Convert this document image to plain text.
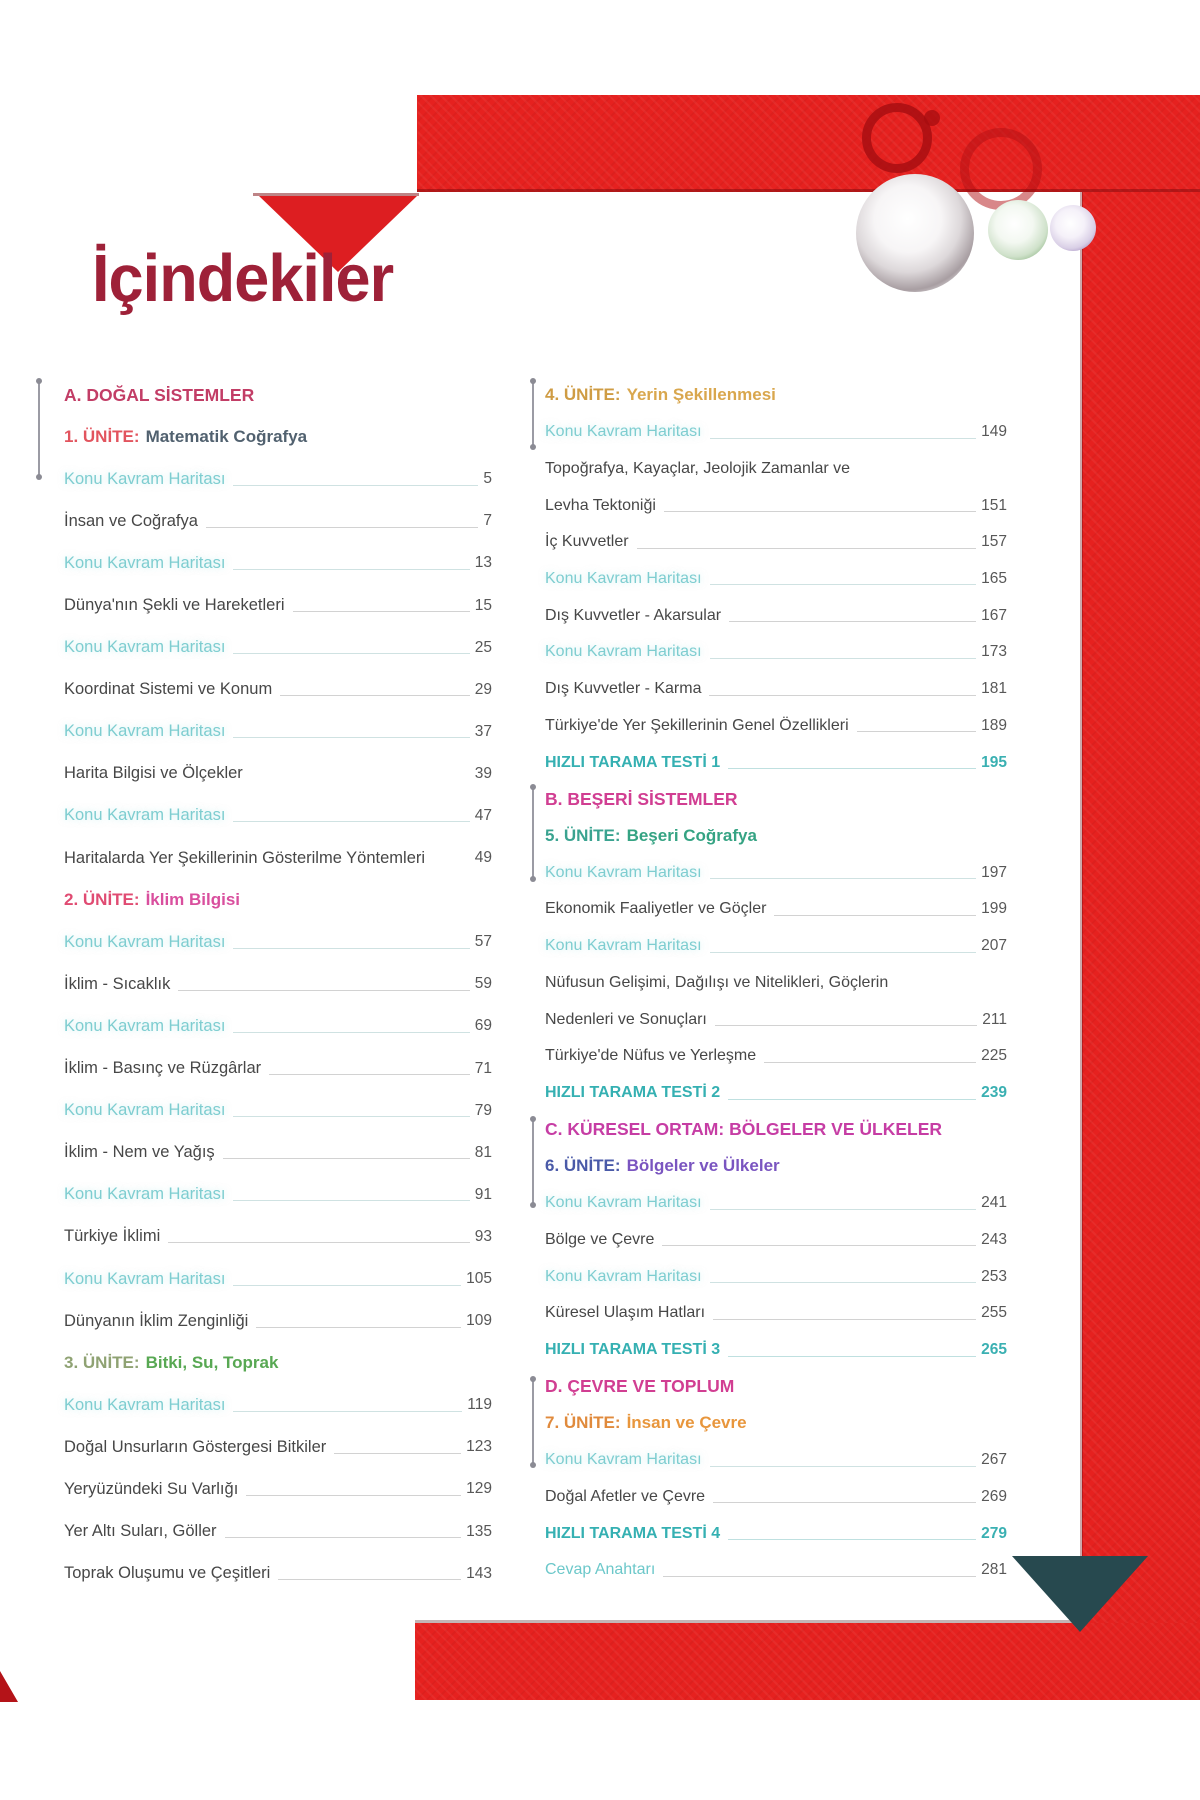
İçindekiler
A. DOĞAL SİSTEMLER
1. ÜNİTE: Matematik Coğrafya
Konu Kavram Haritası	5
İnsan ve Coğrafya	7
Konu Kavram Haritası	13
Dünya'nın Şekli ve Hareketleri	15
Konu Kavram Haritası	25
Koordinat Sistemi ve Konum	29
Konu Kavram Haritası	37
Harita Bilgisi ve Ölçekler	39
Konu Kavram Haritası	47
Haritalarda Yer Şekillerinin Gösterilme Yöntemleri	49
2. ÜNİTE: İklim Bilgisi
Konu Kavram Haritası	57
İklim - Sıcaklık	59
Konu Kavram Haritası	69
İklim - Basınç ve Rüzgârlar	71
Konu Kavram Haritası	79
İklim - Nem ve Yağış	81
Konu Kavram Haritası	91
Türkiye İklimi	93
Konu Kavram Haritası	105
Dünyanın İklim Zenginliği	109
3. ÜNİTE: Bitki, Su, Toprak
Konu Kavram Haritası	119
Doğal Unsurların Göstergesi Bitkiler	123
Yeryüzündeki Su Varlığı	129
Yer Altı Suları, Göller	135
Toprak Oluşumu ve Çeşitleri	143
4. ÜNİTE: Yerin Şekillenmesi
Konu Kavram Haritası	149
Topoğrafya, Kayaçlar, Jeolojik Zamanlar ve
Levha Tektoniği	151
İç Kuvvetler	157
Konu Kavram Haritası	165
Dış Kuvvetler - Akarsular	167
Konu Kavram Haritası	173
Dış Kuvvetler - Karma	181
Türkiye'de Yer Şekillerinin Genel Özellikleri	189
HIZLI TARAMA TESTİ 1	195
B. BEŞERİ SİSTEMLER
5. ÜNİTE: Beşeri Coğrafya
Konu Kavram Haritası	197
Ekonomik Faaliyetler ve Göçler	199
Konu Kavram Haritası	207
Nüfusun Gelişimi, Dağılışı ve Nitelikleri, Göçlerin
Nedenleri ve Sonuçları	211
Türkiye'de Nüfus ve Yerleşme	225
HIZLI TARAMA TESTİ 2	239
C. KÜRESEL ORTAM: BÖLGELER VE ÜLKELER
6. ÜNİTE: Bölgeler ve Ülkeler
Konu Kavram Haritası	241
Bölge ve Çevre	243
Konu Kavram Haritası	253
Küresel Ulaşım Hatları	255
HIZLI TARAMA TESTİ 3	265
D. ÇEVRE VE TOPLUM
7. ÜNİTE: İnsan ve Çevre
Konu Kavram Haritası	267
Doğal Afetler ve Çevre	269
HIZLI TARAMA TESTİ 4	279
Cevap Anahtarı	281
